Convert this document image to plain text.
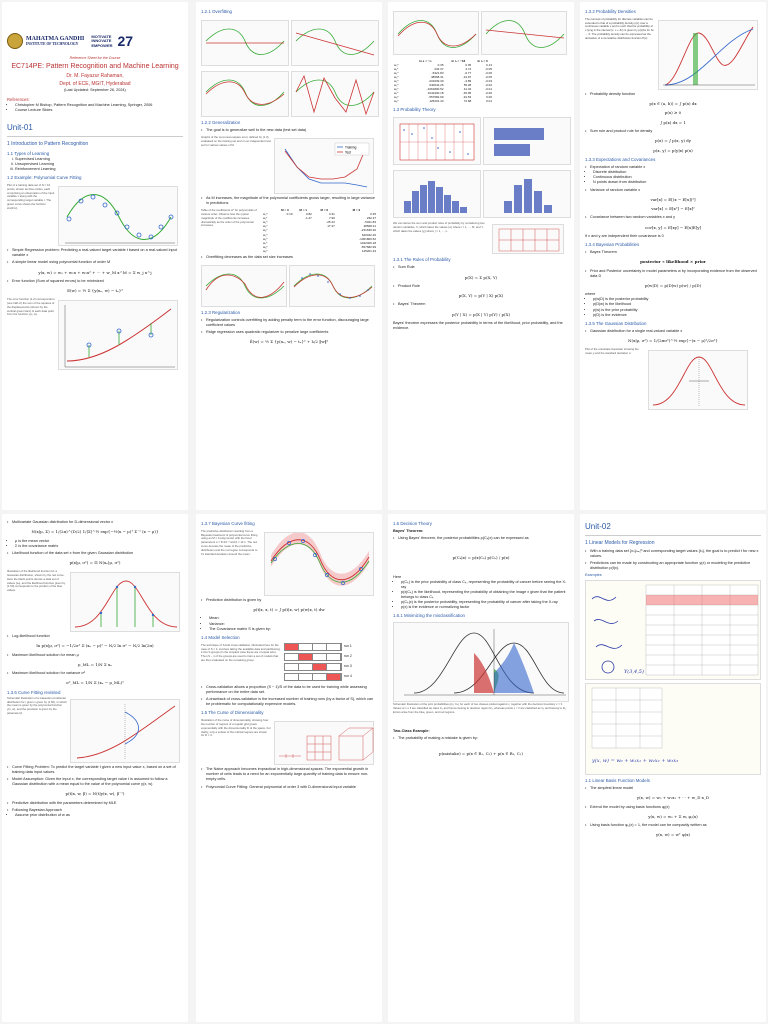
MAHATMA GANDHI
INSTITUTE OF TECHNOLOGY
MOTIVATE
INNOVATE
EMPOWER 27
Reference Sheet for the Course
EC714PE: Pattern Recognition and Machine Learning
Dr. M. Fayazur Rahaman,
Dept. of ECE, MGIT, Hyderabad
(Last Updated: September 26, 2024)
References:
• Christopher M Bishop, Pattern Recognition and Machine Learning, Springer, 2006
• Course Lecture Slides
Unit-01
1 Introduction to Pattern Recognition
1.1 Types of Learning
i. Supervised Learning
ii. Unsupervised Learning
iii. Reinforcement Learning
1.2 Example: Polynomial Curve Fitting
Plot of a training data set of N = 10 points, shown as blue circles, each comprising an observation of the input variable x along with the corresponding target variable t. The green curve shows the function sin(2πx).
• Simple Regression problem: Predicting a real-valued target variable t based on a real-valued input variable x
• A simple linear model using polynomial function of order M
y(x, w) = w₀ + w₁x + w₂x² + ··· + w_M x^M = Σ w_j x^j
• Error function (Sum of squared errors) to be minimized
E(w) = ½ Σ {y(xₙ, w) − tₙ}²
The error function (1.2) corresponds to (one half of) the sum of the squares of the displacements (shown by the vertical green bars) of each data point from the function y(x, w).
1.2.1 Overfitting
1.2.2 Generalization
• The goal is to generalize well to the new data (test set data)
Graphs of the root-mean-square error, defined by (1.3), evaluated on the training set and on an independent test set for various values of M.
Training
Test
• As M increases, the magnitude of the polynomial coefficients grows larger, resulting in large variance in predictions
Table of the coefficients w* for polynomials of various order. Observe how the typical magnitude of the coefficients increases dramatically as the order of the polynomial increases.
	M = 0	M = 1	M = 6	M = 9
w₀*	0.19	0.82	0.31	0.35
w₁*		-1.27	7.99	232.37
w₂*			-25.43	-5321.83
w₃*			17.37	48568.31
w₄*				-231639.30
w₅*				640042.26
w₆*				-1061800.52
w₇*				1042400.18
w₈*				-557682.99
w₉*				125201.43
• Overfitting decreases as the data set size increases
1.2.3 Regularization
• Regularization controls overfitting by adding penalty term to the error function, discouraging large coefficient values
• Ridge regression uses quadratic regularizer to penalize large coefficients
Ẽ(w) = ½ Σ {y(xₙ, w) − tₙ}² + λ/2 ‖w‖²
	ln λ = −∞	ln λ = −18	ln λ = 0
w₀*	0.35	0.35	0.13
w₁*	232.37	4.74	-0.05
w₂*	-5321.83	-0.77	-0.06
w₃*	48568.31	-31.97	-0.05
w₄*	-231639.30	-3.89	-0.03
w₅*	640042.26	55.28	-0.02
w₆*	-1061800.52	41.32	-0.01
w₇*	1042400.18	-45.95	-0.00
w₈*	-557682.99	-91.53	0.00
w₉*	125201.43	72.68	0.01
1.3 Probability Theory
We can derive the sum and product rules of probability by considering two random variables, X, which takes the values {xᵢ} where i = 1, ..., M, and Y, which takes the values {yⱼ} where j = 1, ..., L.
1.3.1 The Rules of Probability
• Sum Rule
p(X) = Σ p(X, Y)
• Product Rule
p(X, Y) = p(Y | X) p(X)
• Bayes' Theorem
p(Y | X) = p(X | Y) p(Y) / p(X)
Bayes' theorem expresses the posterior probability in terms of the likelihood, prior probability, and the evidence.
1.3.2 Probability Densities
The concept of probability for discrete variables can be extended to that of a probability density p(x) over a continuous variable x and is such that the probability of x lying in the interval (x, x + δx) is given by p(x)δx for δx → 0. The probability density can be expressed as the derivative of a cumulative distribution function P(x).
• Probability density function
p(x ∈ (a, b)) = ∫ p(x) dx
p(x) ≥ 0
∫ p(x) dx = 1
• Sum rule and product rule for density
p(x) = ∫ p(x, y) dy
p(x, y) = p(y|x) p(x)
1.3.3 Expectations and Covariances
• Expectation of random variable x
• Discrete distribution
• Continuous distribution
• N points drawn from distribution
• Variance of random variable x
var[x] = E[(x − E[x])²]
var[x] = E[x²] − E[x]²
• Covariance between two random variables x and y
cov[x, y] = E[xy] − E[x]E[y]
If x and y are independent their covariance is 0
1.3.4 Bayesian Probabilities
• Bayes Theorem
posterior ∝ likelihood × prior
• Prior and Posterior uncertainty in model parameters w by incorporating evidence from the observed data D
p(w|D) = p(D|w) p(w) / p(D)
where
• p(w|D) is the posterior probability
• p(D|w) is the likelihood
• p(w) is the prior probability
• p(D) is the evidence
1.3.5 The Gaussian Distribution
• Gaussian distribution for a single real-valued variable x
N(x|μ, σ²) = 1/(2πσ²)^½ exp{−(x − μ)²/2σ²}
Plot of the univariate Gaussian showing the mean μ and the standard deviation σ.
• Multivariate Gaussian distribution for D-dimensional vector x
N(x|μ, Σ) = 1/(2π)^(D/2) 1/|Σ|^½ exp{−½(x − μ)ᵀ Σ⁻¹ (x − μ)}
• μ is the mean vector
• Σ is the covariance matrix
• Likelihood function of the data set x from the given Gaussian distribution
p(x|μ, σ²) = Π N(xₙ|μ, σ²)
Illustration of the likelihood function for a Gaussian distribution, shown by the red curve. Here the black points denote a data set of values {xₙ}, and the likelihood function given by (1.53) corresponds to the product of the blue values.
• Log-likelihood function
ln p(x|μ, σ²) = −1/2σ² Σ (xₙ − μ)² − N/2 ln σ² − N/2 ln(2π)
• Maximum likelihood solution for mean μ
μ_ML = 1/N Σ xₙ
• Maximum likelihood solution for variance σ²
σ²_ML = 1/N Σ (xₙ − μ_ML)²
1.3.6 Curve Fitting revisited
Schematic illustration of a Gaussian conditional distribution for t given x given by (1.60), in which the mean is given by the polynomial function y(x, w), and the precision is given by the parameter β.
• Curve Fitting Problem: To predict the target variable t given a new input value x, based on a set of training data input values.
• Model Assumption: Given the input x, the corresponding target value t is assumed to follow a Gaussian distribution with a mean equal to the value of the polynomial curve y(x, w)
p(t|x, w, β) = N(t|y(x, w), β⁻¹)
• Predictive distribution with the parameters determined by MLE
• Following Bayesian Approach
• Assume prior distribution of w as
1.3.7 Bayesian Curve fitting
The predictive distribution resulting from a Bayesian treatment of polynomial curve fitting using an M = 9 polynomial, with the fixed parameters α = 5×10⁻³ and β = 11.1. The red curve denotes the mean of the predictive distribution and the red region corresponds to ±1 standard deviation around the mean.
• Prediction distribution is given by
p(t|x, x, t) = ∫ p(t|x, w) p(w|x, t) dw
• Mean:
• Variance:
• The Covariance matrix S is given by:
1.4 Model Selection
The technique of S-fold cross-validation, illustrated here for the case of S = 4, involves taking the available data and partitioning it into S groups (in the simplest case these are of equal size). Then S − 1 of the groups are used to train a set of models that are then evaluated on the remaining group.
run 1
run 2
run 3
run 4
• Cross-validation allows a proportion (S − 1)/S of the data to be used for training while assessing performance on the entire data set.
• A drawback of cross-validation is the increased number of training runs (by a factor of S), which can be problematic for computationally expensive models.
1.5 The Curse of Dimensionality
Illustration of the curse of dimensionality, showing how the number of regions of a regular grid grows exponentially with the dimensionality D of the space. For clarity, only a subset of the cubical regions are shown for D = 3.
• The Naive approach becomes impractical in high-dimensional spaces. The exponential growth in number of cells leads to a need for an exponentially large quantity of training data to ensure non-empty cells.
• Polynomial Curve Fitting: General polynomial of order 3 with D-dimensional input variable
1.6 Decision Theory
Bayes' Theorem:
• Using Bayes' theorem, the posterior probabilities p(Cₖ|x) can be expressed as
p(Cₖ|x) = p(x|Cₖ) p(Cₖ) / p(x)
Here
• p(Cₖ) is the prior probability of class Cₖ, representing the probability of cancer before seeing the X-ray
• p(x|Cₖ) is the likelihood, representing the probability of obtaining the image x given that the patient belongs to class Cₖ
• p(Cₖ|x) is the posterior probability, representing the probability of cancer after taking the X-ray
• p(x) is the evidence or normalizing factor
1.6.1 Minimizing the misclassification
Schematic illustration of the joint probabilities p(x, Cₖ) for each of two classes plotted against x, together with the decision boundary x = x̂. Values of x ≥ x̂ are classified as class C₂ and hence belong to decision region R₂, whereas points x < x̂ are classified as C₁ and belong to R₁. Errors arise from the blue, green, and red regions.
Two-Class Example:
• The probability of making a mistake is given by:
p(mistake) = p(x ∈ R₁, C₂) + p(x ∈ R₂, C₁)
Unit-02
1 Linear Models for Regression
• With a training data set {xₙ}ₙ₌₁ᴺ and corresponding target values {tₙ}, the goal is to predict t for new x values.
• Predictions can be made by constructing an appropriate function y(x) or modeling the predictive distribution p(t|x).
Examples
Y(3,4,5)
y(x, w) = w₀ + w₁x₁ + w₂x₂ + w₃x₃
1.1 Linear Basis Function Models
• The simplest linear model
y(x, w) = w₀ + w₁x₁ + ··· + w_D x_D
• Extend the model by using basis functions φⱼ(x)
y(x, w) = w₀ + Σ wⱼ φⱼ(x)
• Using basis function φ₀(x) = 1, the model can be compactly written as
y(x, w) = wᵀ φ(x)
